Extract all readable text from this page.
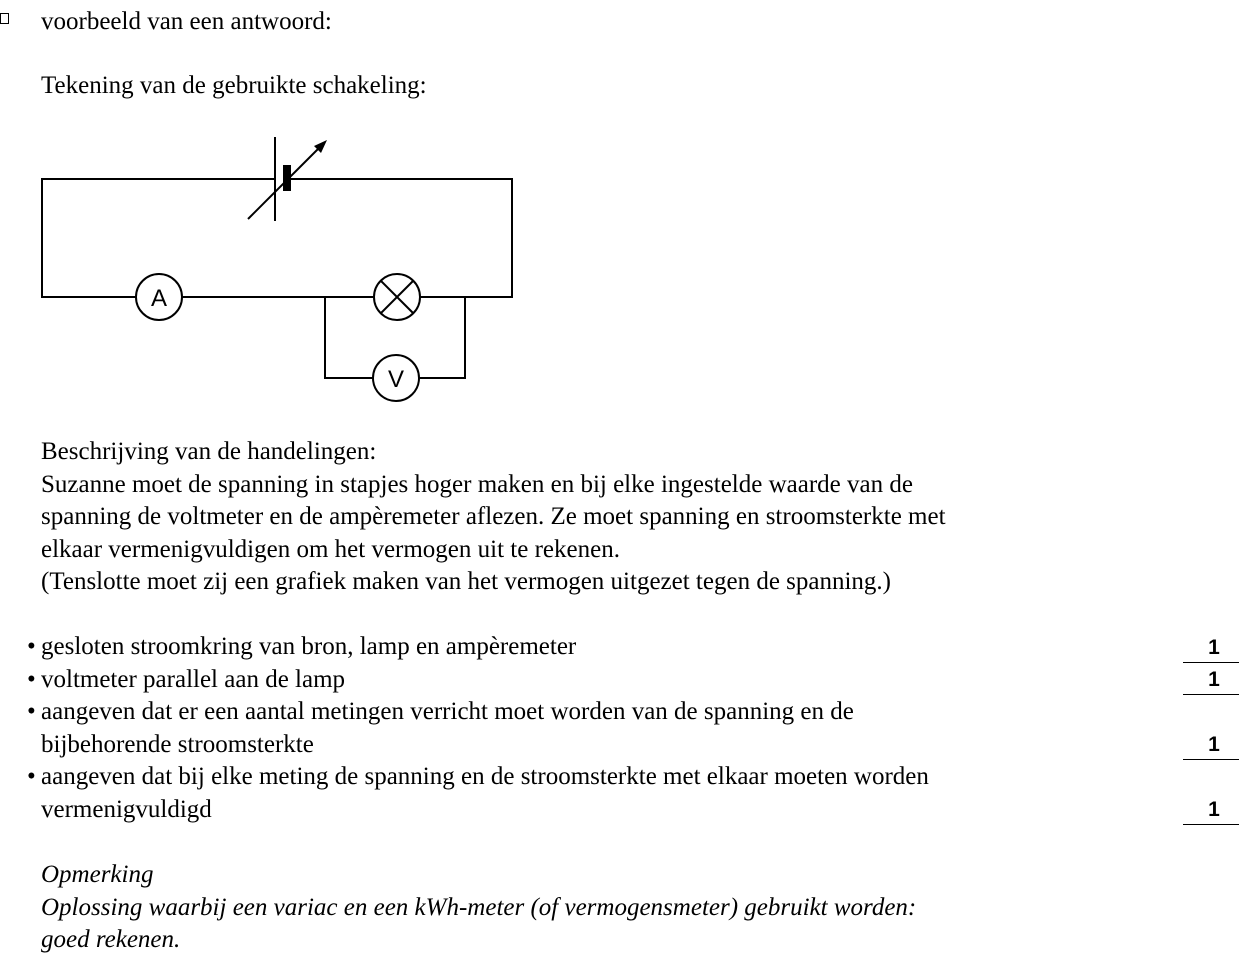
voorbeeld van een antwoord:
Tekening van de gebruikte schakeling:
A
V
Beschrijving van de handelingen:
Suzanne moet de spanning in stapjes hoger maken en bij elke ingestelde waarde van de
spanning de voltmeter en de ampèremeter aflezen. Ze moet spanning en stroomsterkte met
elkaar vermenigvuldigen om het vermogen uit te rekenen.
(Tenslotte moet zij een grafiek maken van het vermogen uitgezet tegen de spanning.)
• gesloten stroomkring van bron, lamp en ampèremeter	1
• voltmeter parallel aan de lamp	1
• aangeven dat er een aantal metingen verricht moet worden van de spanning en de
bijbehorende stroomsterkte	1
• aangeven dat bij elke meting de spanning en de stroomsterkte met elkaar moeten worden
vermenigvuldigd	1
Opmerking
Oplossing waarbij een variac en een kWh-meter (of vermogensmeter) gebruikt worden:
goed rekenen.
